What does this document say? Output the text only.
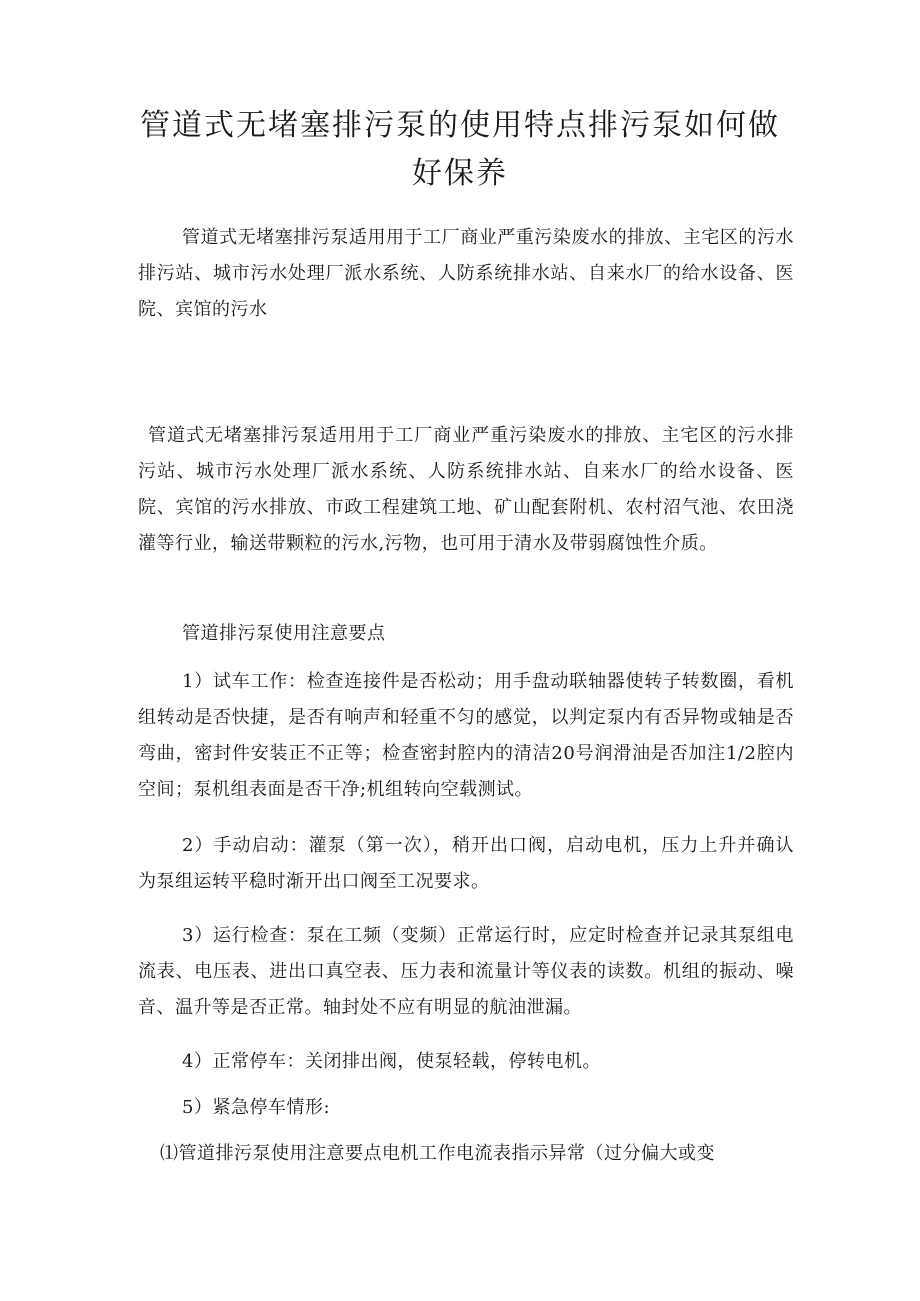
管道式无堵塞排污泵的使用特点排污泵如何做好保养

管道式无堵塞排污泵适用用于工厂商业严重污染废水的排放、主宅区的污水排污站、城市污水处理厂派水系统、人防系统排水站、自来水厂的给水设备、医院、宾馆的污水

管道式无堵塞排污泵适用用于工厂商业严重污染废水的排放、主宅区的污水排污站、城市污水处理厂派水系统、人防系统排水站、自来水厂的给水设备、医院、宾馆的污水排放、市政工程建筑工地、矿山配套附机、农村沼气池、农田浇灌等行业，输送带颗粒的污水,污物，也可用于清水及带弱腐蚀性介质。

管道排污泵使用注意要点

1）试车工作：检查连接件是否松动；用手盘动联轴器使转子转数圈，看机组转动是否快捷，是否有响声和轻重不匀的感觉，以判定泵内有否异物或轴是否弯曲，密封件安装正不正等；检查密封腔内的清洁20号润滑油是否加注1/2腔内空间；泵机组表面是否干净;机组转向空载测试。

2）手动启动：灌泵（第一次），稍开出口阀，启动电机，压力上升并确认为泵组运转平稳时渐开出口阀至工况要求。

3）运行检查：泵在工频（变频）正常运行时，应定时检查并记录其泵组电流表、电压表、进出口真空表、压力表和流量计等仪表的读数。机组的振动、噪音、温升等是否正常。轴封处不应有明显的航油泄漏。

4）正常停车：关闭排出阀，使泵轻载，停转电机。

5）紧急停车情形:

⑴管道排污泵使用注意要点电机工作电流表指示异常（过分偏大或变
